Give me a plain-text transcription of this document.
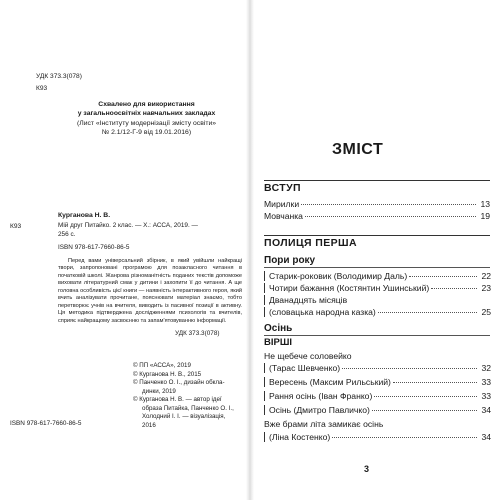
УДК 373.3(078)
К93
Схвалено для використання
у загальноосвітніх навчальних закладах
(Лист «Інституту модернізації змісту освіти»
№ 2.1/12-Г-9 від 19.01.2016)
К93
Курганова Н. В.
Мій друг Питайко. 2 клас. — Х.: АССА, 2019. —
256 с.
ISBN 978-617-7660-86-5
Перед вами універсальний збірник, в який увійшли найкращі твори, запропоновані програмою для позакласного читання в початковій школі. Жанрова різноманітність поданих текстів допоможе виховати літературний смак у дитини і захопити її до читання. А ще головна особливість цієї книги — наявність інтерактивного героя, який вчить аналізувати прочитане, пояснювати матеріал знаємо, тобто перетворює учнів на вчителя, виводить із пасивної позиції в активну. Ця методика підтверджена дослідженнями психологів та вчителів, сприяє найкращому засвоєнню та запам'ятовуванню інформації.
УДК 373.3(078)
© ПП «АССА», 2019
© Курганова Н. В., 2015
© Панченко О. І., дизайн обкла-
динки, 2019
© Курганова Н. В. — автор ідеї
образа Питайка, Панченко О. І.,
Холодний І. І. — візуалізація,
2016
ISBN 978-617-7660-86-5
ЗМІСТ
ВСТУП
Мирилки	13
Мовчанка	19
ПОЛИЦЯ ПЕРША
Пори року
Старик-роковик (Володимир Даль)	22
Чотири бажання (Костянтин Ушинський)	23
Дванадцять місяців
(словацька народна казка)	25
Осінь
ВІРШІ
Не щебече соловейко
(Тарас Шевченко)	32
Вересень (Максим Рильський)	33
Рання осінь (Іван Франко)	33
Осінь (Дмитро Павличко)	34
Вже брами літа замикає осінь
(Ліна Костенко)	34
3
